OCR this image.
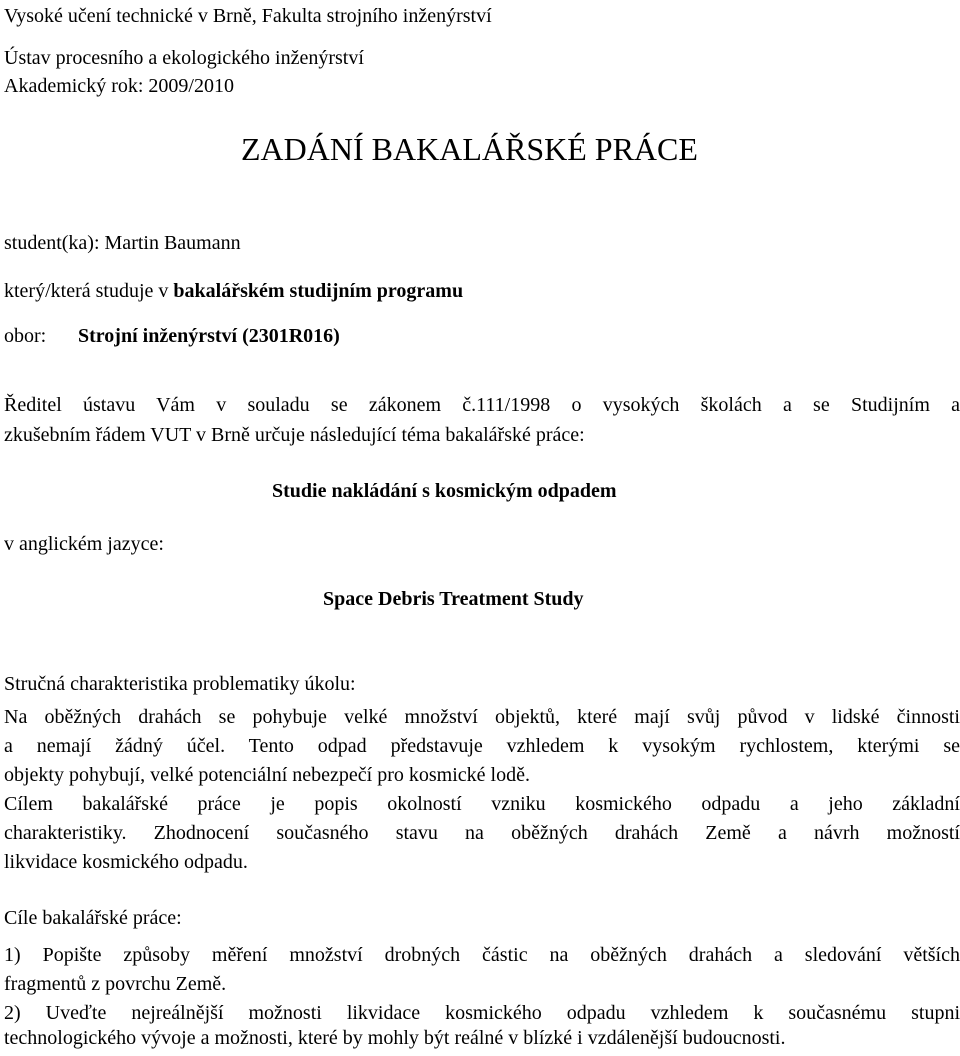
Vysoké učení technické v Brně, Fakulta strojního inženýrství
Ústav procesního a ekologického inženýrství
Akademický rok: 2009/2010
ZADÁNÍ BAKALÁŘSKÉ PRÁCE
student(ka): Martin Baumann
který/která studuje v bakalářském studijním programu
obor: Strojní inženýrství (2301R016)
Ředitel ústavu Vám v souladu se zákonem č.111/1998 o vysokých školách a se Studijním a
zkušebním řádem VUT v Brně určuje následující téma bakalářské práce:
Studie nakládání s kosmickým odpadem
v anglickém jazyce:
Space Debris Treatment Study
Stručná charakteristika problematiky úkolu:
Na oběžných drahách se pohybuje velké množství objektů, které mají svůj původ v lidské činnosti
a nemají žádný účel. Tento odpad představuje vzhledem k vysokým rychlostem, kterými se
objekty pohybují, velké potenciální nebezpečí pro kosmické lodě.
Cílem bakalářské práce je popis okolností vzniku kosmického odpadu a jeho základní
charakteristiky. Zhodnocení současného stavu na oběžných drahách Země a návrh možností
likvidace kosmického odpadu.
Cíle bakalářské práce:
1) Popište způsoby měření množství drobných částic na oběžných drahách a sledování větších
fragmentů z povrchu Země.
2) Uveďte nejreálnější možnosti likvidace kosmického odpadu vzhledem k současnému stupni
technologického vývoje a možnosti, které by mohly být reálné v blízké i vzdálenější budoucnosti.
